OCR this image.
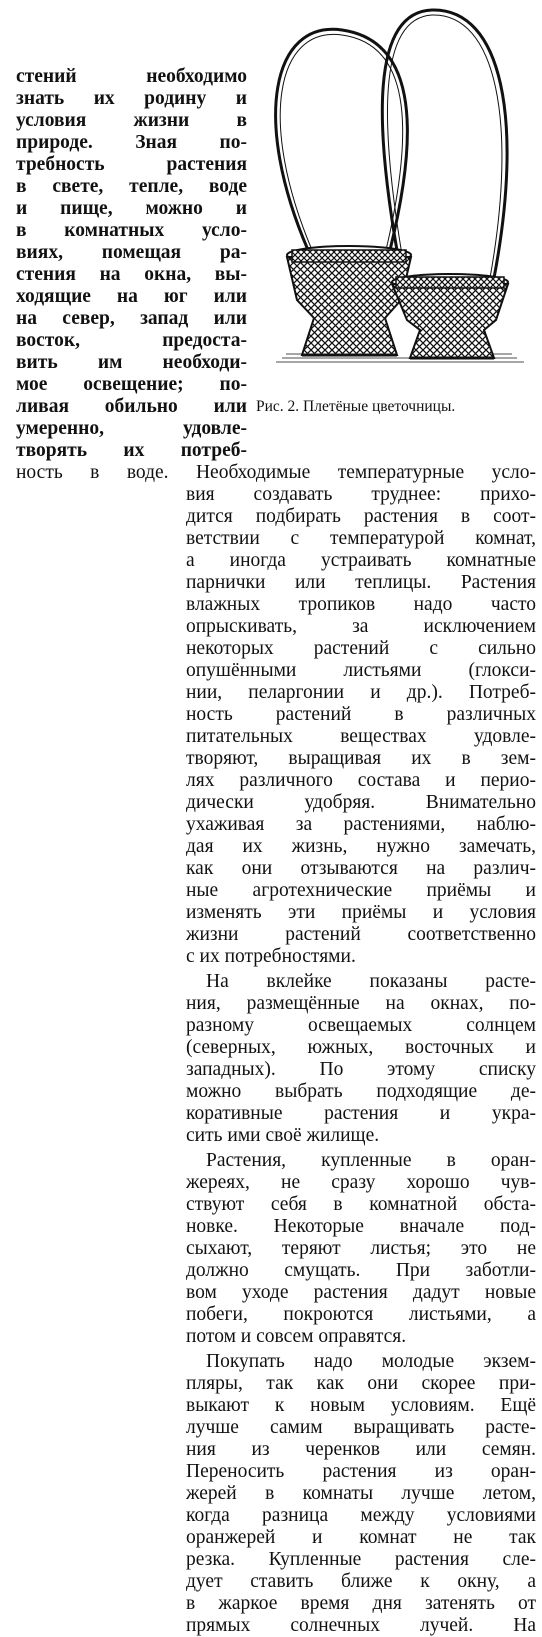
Рис. 2. Плетёные цветочницы.
стений необходимо
знать их родину и
условия жизни в
природе. Зная по-
требность растения
в свете, тепле, воде
и пище, можно и
в комнатных усло-
виях, помещая ра-
стения на окна, вы-
ходящие на юг или
на север, запад или
восток, предоста-
вить им необходи-
мое освещение; по-
ливая обильно или
умеренно, удовле-
творять их потреб-
ность в воде. Необходимые температурные усло-
вия создавать труднее: прихо-
дится подбирать растения в соот-
ветствии с температурой комнат,
а иногда устраивать комнатные
парнички или теплицы. Растения
влажных тропиков надо часто
опрыскивать, за исключением
некоторых растений с сильно
опушёнными листьями (глокси-
нии, пеларгонии и др.). Потреб-
ность растений в различных
питательных веществах удовле-
творяют, выращивая их в зем-
лях различного состава и перио-
дически удобряя. Внимательно
ухаживая за растениями, наблю-
дая их жизнь, нужно замечать,
как они отзываются на различ-
ные агротехнические приёмы и
изменять эти приёмы и условия
жизни растений соответственно
с их потребностями.
На вклейке показаны расте-
ния, размещённые на окнах, по-
разному освещаемых солнцем
(северных, южных, восточных и
западных). По этому списку
можно выбрать подходящие де-
коративные растения и укра-
сить ими своё жилище.
Растения, купленные в оран-
жереях, не сразу хорошо чув-
ствуют себя в комнатной обста-
новке. Некоторые вначале под-
сыхают, теряют листья; это не
должно смущать. При заботли-
вом уходе растения дадут новые
побеги, покроются листьями, а
потом и совсем оправятся.
Покупать надо молодые экзем-
пляры, так как они скорее при-
выкают к новым условиям. Ещё
лучше самим выращивать расте-
ния из черенков или семян.
Переносить растения из оран-
жерей в комнаты лучше летом,
когда разница между условиями
оранжерей и комнат не так
резка. Купленные растения сле-
дует ставить ближе к окну, а
в жаркое время дня затенять от
прямых солнечных лучей. На
